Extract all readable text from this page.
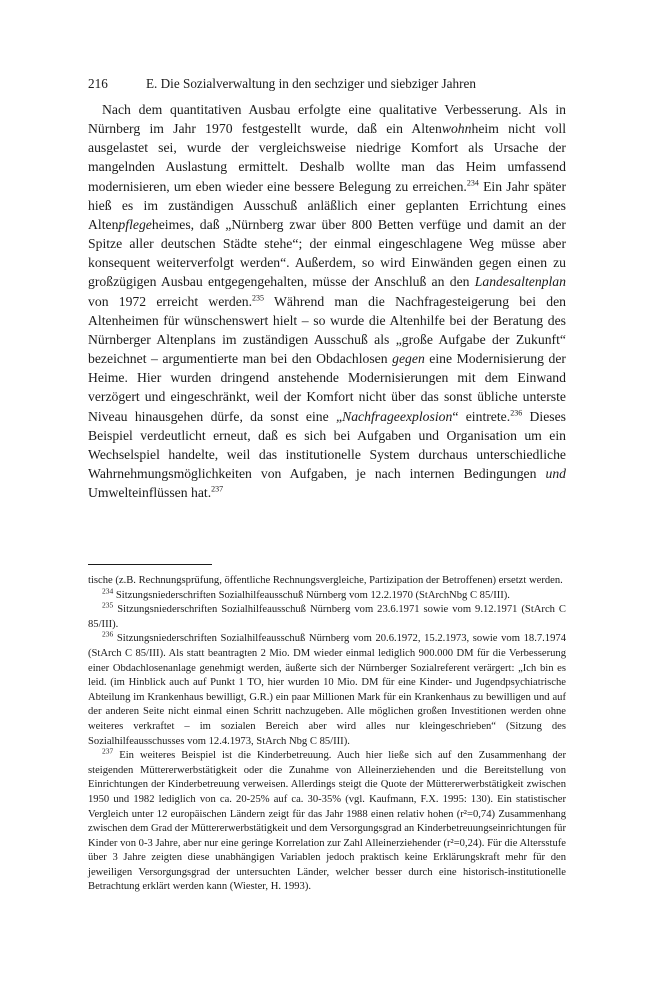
216	E. Die Sozialverwaltung in den sechziger und siebziger Jahren

Nach dem quantitativen Ausbau erfolgte eine qualitative Verbesserung. Als in Nürnberg im Jahr 1970 festgestellt wurde, daß ein Altenwohnheim nicht voll ausgelastet sei, wurde der vergleichsweise niedrige Komfort als Ursache der mangelnden Auslastung ermittelt. Deshalb wollte man das Heim umfassend modernisieren, um eben wieder eine bessere Belegung zu erreichen.$^{234}$ Ein Jahr später hieß es im zuständigen Ausschuß anläßlich einer geplanten Errichtung eines Altenpflegeheimes, daß „Nürnberg zwar über 800 Betten verfüge und damit an der Spitze aller deutschen Städte stehe“; der einmal eingeschlagene Weg müsse aber konsequent weiterverfolgt werden“. Außerdem, so wird Einwänden gegen einen zu großzügigen Ausbau entgegengehalten, müsse der Anschluß an den Landesaltenplan von 1972 erreicht werden.$^{235}$ Während man die Nachfragesteigerung bei den Altenheimen für wünschenswert hielt – so wurde die Altenhilfe bei der Beratung des Nürnberger Altenplans im zuständigen Ausschuß als „große Aufgabe der Zukunft“ bezeichnet – argumentierte man bei den Obdachlosen gegen eine Modernisierung der Heime. Hier wurden dringend anstehende Modernisierungen mit dem Einwand verzögert und eingeschränkt, weil der Komfort nicht über das sonst übliche unterste Niveau hinausgehen dürfe, da sonst eine „Nachfrageexplosion“ eintrete.$^{236}$ Dieses Beispiel verdeutlicht erneut, daß es sich bei Aufgaben und Organisation um ein Wechselspiel handelte, weil das institutionelle System durchaus unterschiedliche Wahrnehmungsmöglichkeiten von Aufgaben, je nach internen Bedingungen und Umwelteinflüssen hat.$^{237}$

tische (z.B. Rechnungsprüfung, öffentliche Rechnungsvergleiche, Partizipation der Betroffenen) ersetzt werden.

$^{234}$ Sitzungsniederschriften Sozialhilfeausschuß Nürnberg vom 12.2.1970 (StArchNbg C 85/III).

$^{235}$ Sitzungsniederschriften Sozialhilfeausschuß Nürnberg vom 23.6.1971 sowie vom 9.12.1971 (StArch C 85/III).

$^{236}$ Sitzungsniederschriften Sozialhilfeausschuß Nürnberg vom 20.6.1972, 15.2.1973, sowie vom 18.7.1974 (StArch C 85/III). Als statt beantragten 2 Mio. DM wieder einmal lediglich 900.000 DM für die Verbesserung einer Obdachlosenanlage genehmigt werden, äußerte sich der Nürnberger Sozialreferent verärgert: „Ich bin es leid. (im Hinblick auch auf Punkt 1 TO, hier wurden 10 Mio. DM für eine Kinder- und Jugendpsychiatrische Abteilung im Krankenhaus bewilligt, G.R.) ein paar Millionen Mark für ein Krankenhaus zu bewilligen und auf der anderen Seite nicht einmal einen Schritt nachzugeben. Alle möglichen großen Investitionen werden ohne weiteres verkraftet – im sozialen Bereich aber wird alles nur kleingeschrieben“ (Sitzung des Sozialhilfeausschusses vom 12.4.1973, StArch Nbg C 85/III).

$^{237}$ Ein weiteres Beispiel ist die Kinderbetreuung. Auch hier ließe sich auf den Zusammenhang der steigenden Müttererwerbstätigkeit oder die Zunahme von Alleinerziehenden und die Bereitstellung von Einrichtungen der Kinderbetreuung verweisen. Allerdings steigt die Quote der Müttererwerbstätigkeit zwischen 1950 und 1982 lediglich von ca. 20-25% auf ca. 30-35% (vgl. Kaufmann, F.X. 1995: 130). Ein statistischer Vergleich unter 12 europäischen Ländern zeigt für das Jahr 1988 einen relativ hohen (r²=0,74) Zusammenhang zwischen dem Grad der Müttererwerbstätigkeit und dem Versorgungsgrad an Kinderbetreuungseinrichtungen für Kinder von 0-3 Jahre, aber nur eine geringe Korrelation zur Zahl Alleinerziehender (r²=0,24). Für die Altersstufe über 3 Jahre zeigten diese unabhängigen Variablen jedoch praktisch keine Erklärungskraft mehr für den jeweiligen Versorgungsgrad der untersuchten Länder, welcher besser durch eine historisch-institutionelle Betrachtung erklärt werden kann (Wiester, H. 1993).
